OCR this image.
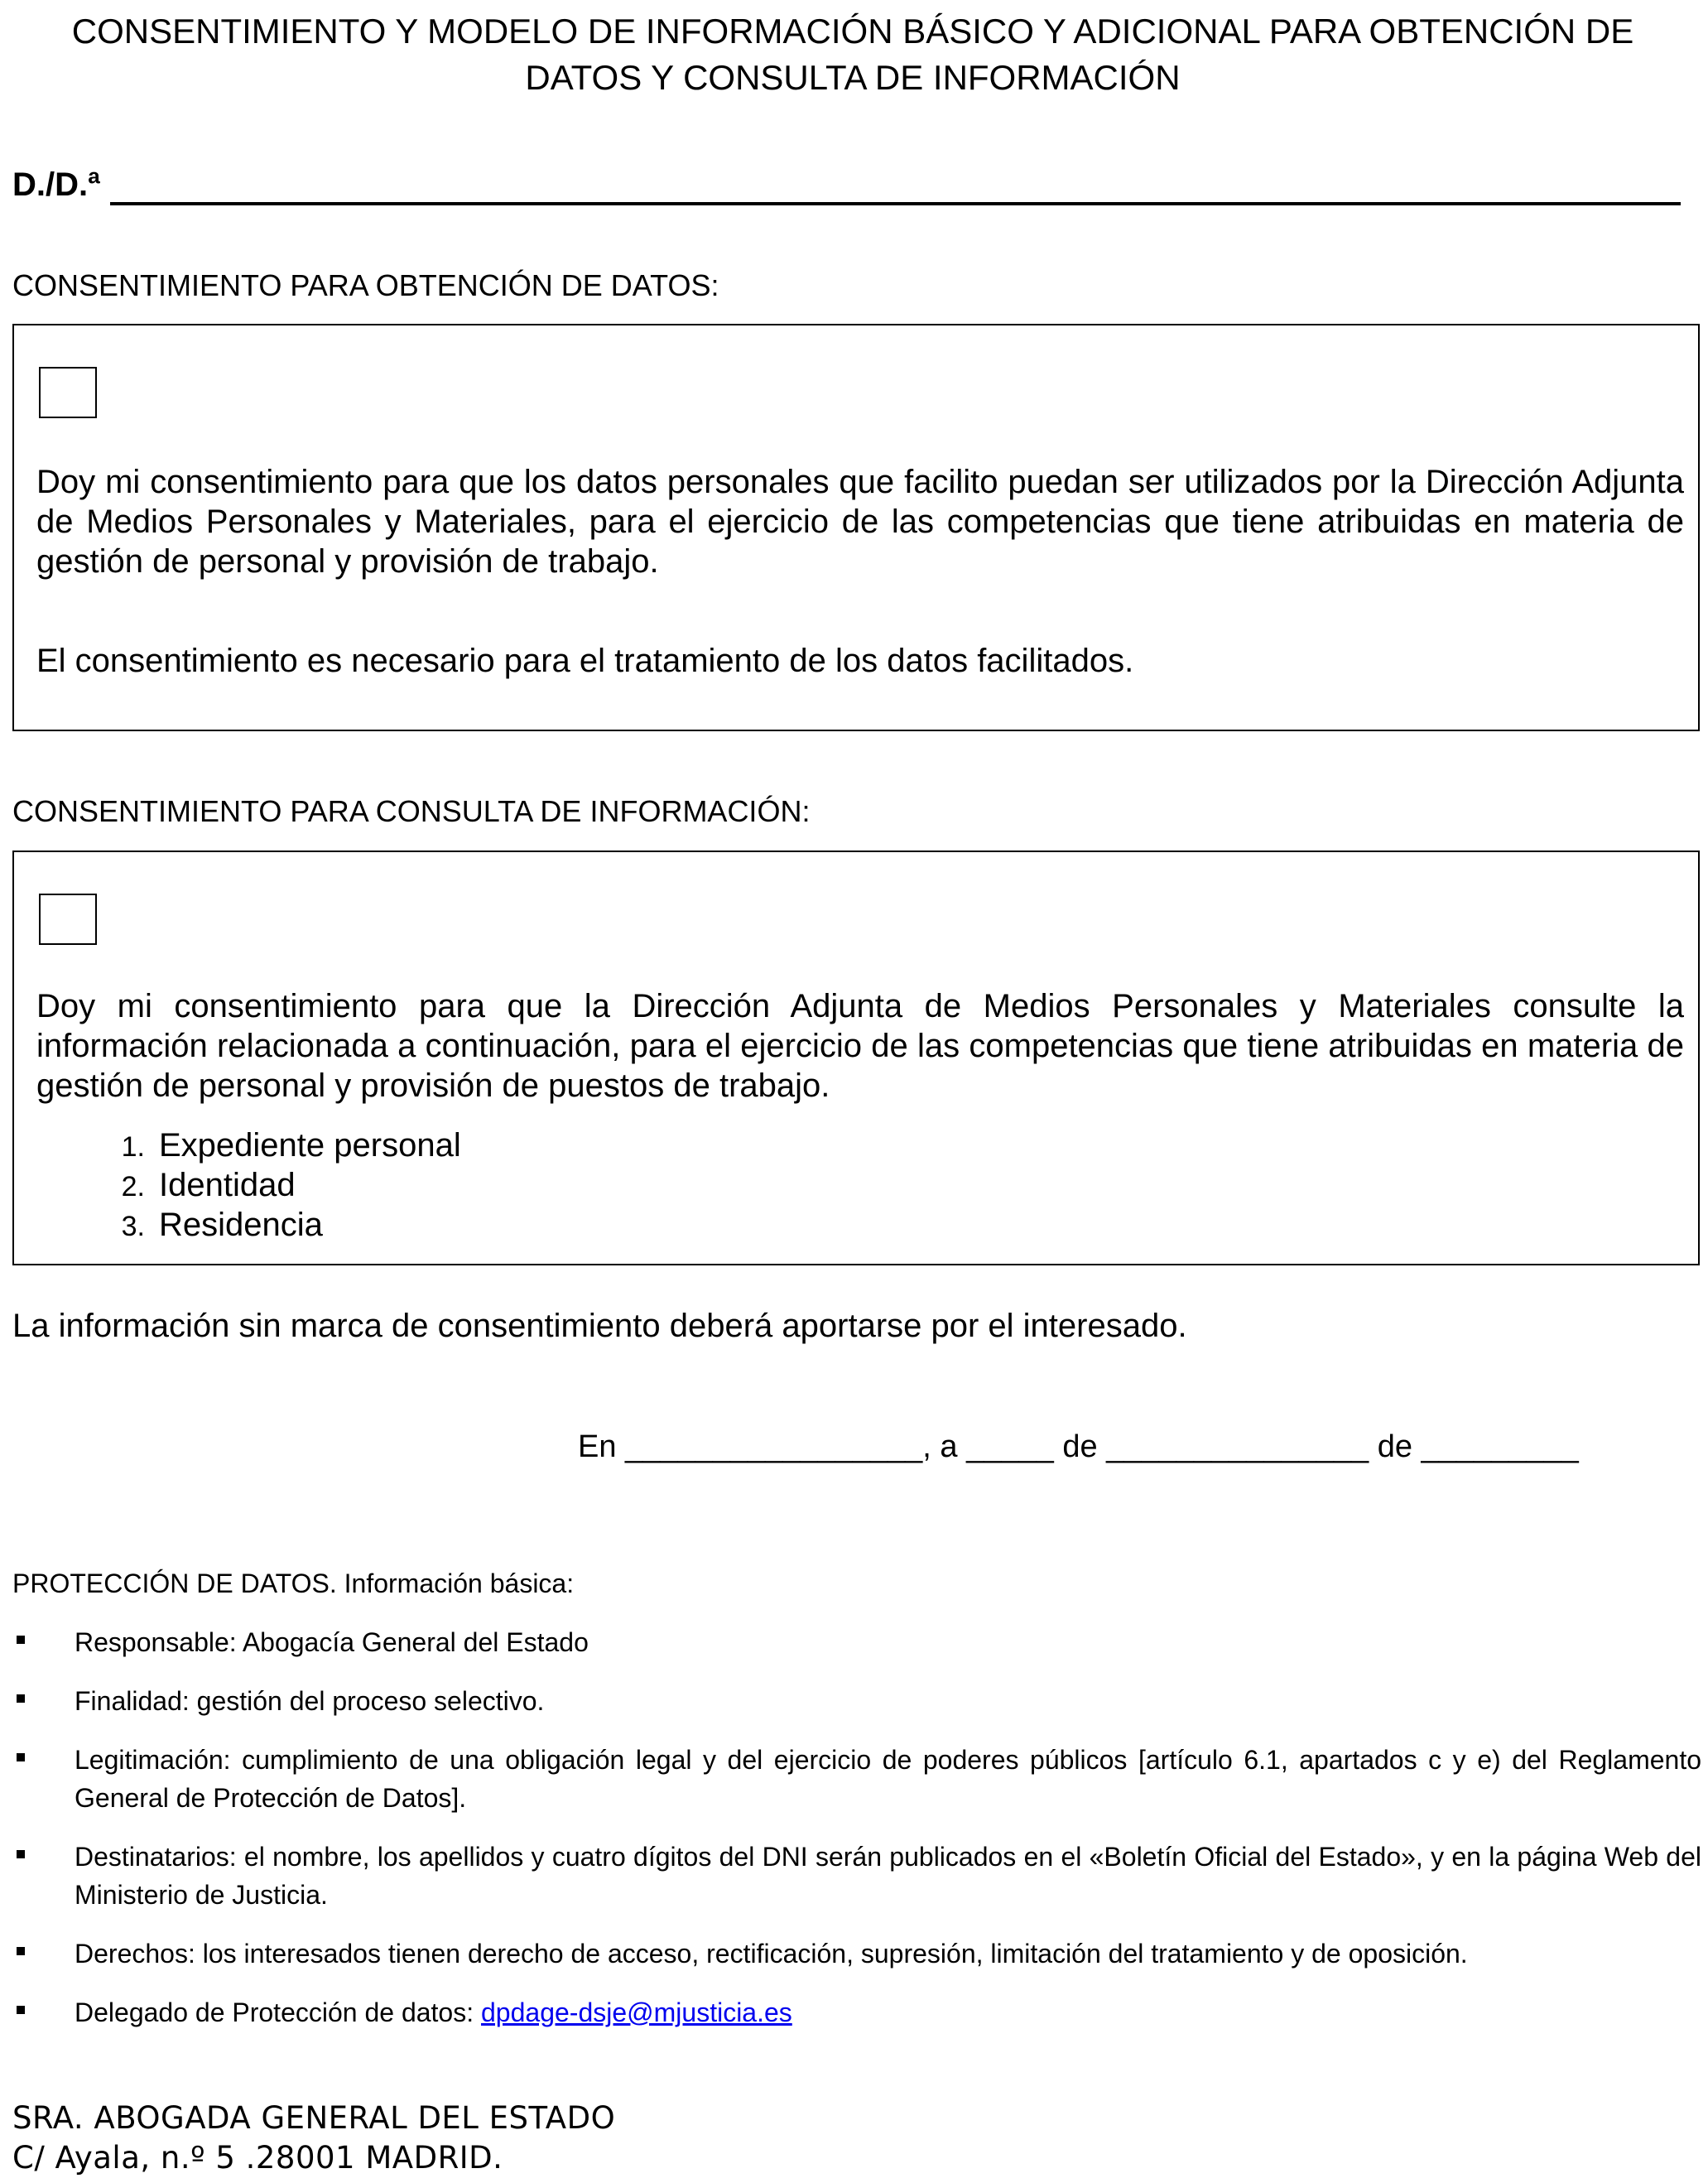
CONSENTIMIENTO Y MODELO DE INFORMACIÓN BÁSICO Y ADICIONAL PARA OBTENCIÓN DE DATOS Y CONSULTA DE INFORMACIÓN
D./D.ª
CONSENTIMIENTO PARA OBTENCIÓN DE DATOS:
Doy mi consentimiento para que los datos personales que facilito puedan ser utilizados por la Dirección Adjunta de Medios Personales y Materiales, para el ejercicio de las competencias que tiene atribuidas en materia de gestión de personal y provisión de trabajo.
El consentimiento es necesario para el tratamiento de los datos facilitados.
CONSENTIMIENTO PARA CONSULTA DE INFORMACIÓN:
Doy mi consentimiento para que la Dirección Adjunta de Medios Personales y Materiales consulte la información relacionada a continuación, para el ejercicio de las competencias que tiene atribuidas en materia de gestión de personal y provisión de puestos de trabajo.
1. Expediente personal
2. Identidad
3. Residencia
La información sin marca de consentimiento deberá aportarse por el interesado.
En _________________, a _____ de _______________ de _________
PROTECCIÓN DE DATOS. Información básica:
Responsable: Abogacía General del Estado
Finalidad: gestión del proceso selectivo.
Legitimación: cumplimiento de una obligación legal y del ejercicio de poderes públicos [artículo 6.1, apartados c y e) del Reglamento General de Protección de Datos].
Destinatarios: el nombre, los apellidos y cuatro dígitos del DNI serán publicados en el «Boletín Oficial del Estado», y en la página Web del Ministerio de Justicia.
Derechos: los interesados tienen derecho de acceso, rectificación, supresión, limitación del tratamiento y de oposición.
Delegado de Protección de datos: dpdage-dsje@mjusticia.es
SRA. ABOGADA GENERAL DEL ESTADO
C/ Ayala, n.º 5 .28001 MADRID.
